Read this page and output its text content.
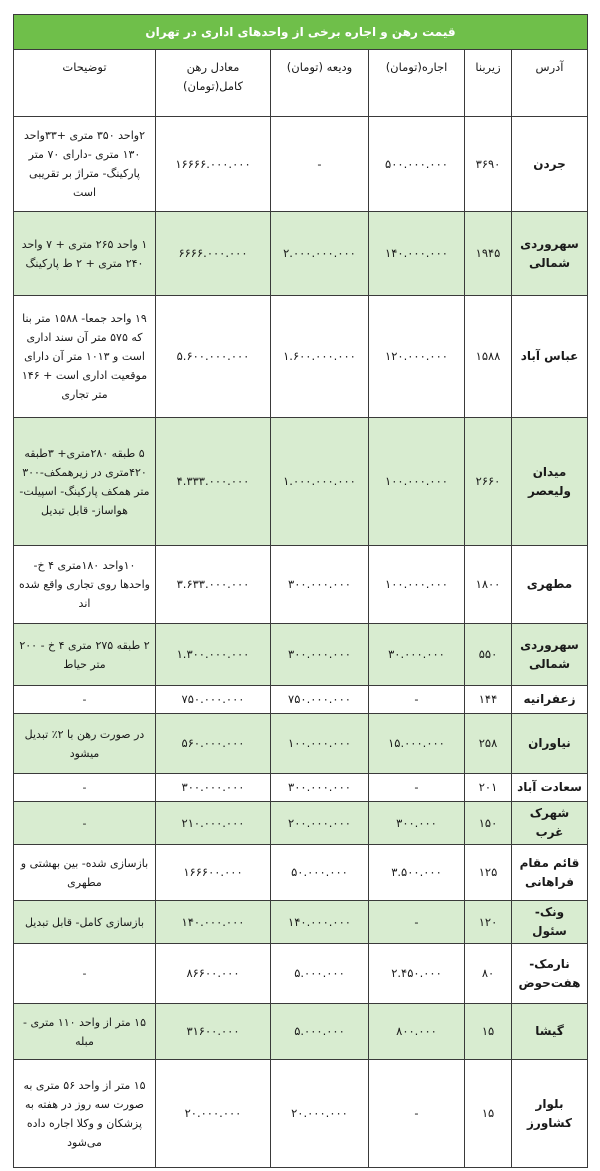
قیمت رهن و اجاره برخی از واحدهای اداری در تهران					
آدرس	زیربنا	اجاره(تومان)	ودیعه (تومان)	معادل رهن کامل(تومان)	توضیحات
جردن	۳۶۹۰	۵۰۰.۰۰۰.۰۰۰	-	۱۶۶۶۶.۰۰۰.۰۰۰	۲واحد ۳۵۰ متری +۳۳واحد ۱۳۰ متری -دارای ۷۰ متر پارکینگ- متراژ بر تقریبی است
سهروردی شمالی	۱۹۴۵	۱۴۰.۰۰۰.۰۰۰	۲.۰۰۰.۰۰۰.۰۰۰	۶۶۶۶.۰۰۰.۰۰۰	۱ واحد ۲۶۵ متری + ۷ واحد ۲۴۰ متری + ۲ ط پارکینگ
عباس آباد	۱۵۸۸	۱۲۰.۰۰۰.۰۰۰	۱.۶۰۰.۰۰۰.۰۰۰	۵.۶۰۰.۰۰۰.۰۰۰	۱۹ واحد جمعا- ۱۵۸۸ متر بنا که ۵۷۵ متر آن سند اداری است و ۱۰۱۳ متر آن دارای موقعیت اداری است + ۱۴۶ متر تجاری
میدان ولیعصر	۲۶۶۰	۱۰۰.۰۰۰.۰۰۰	۱.۰۰۰.۰۰۰.۰۰۰	۴.۳۳۳.۰۰۰.۰۰۰	۵ طبقه ۲۸۰متری+ ۳طبقه ۴۲۰متری در زیرهمکف-۳۰۰ متر همکف پارکینگ- اسپیلت- هواساز- قابل تبدیل
مطهری	۱۸۰۰	۱۰۰.۰۰۰.۰۰۰	۳۰۰.۰۰۰.۰۰۰	۳.۶۳۳.۰۰۰.۰۰۰	۱۰واحد ۱۸۰متری ۴ خ- واحدها روی تجاری واقع شده اند
سهروردی شمالی	۵۵۰	۳۰.۰۰۰.۰۰۰	۳۰۰.۰۰۰.۰۰۰	۱.۳۰۰.۰۰۰.۰۰۰	۲ طبقه ۲۷۵ متری ۴ خ - ۲۰۰ متر حیاط
زعفرانیه	۱۴۴	-	۷۵۰.۰۰۰.۰۰۰	۷۵۰.۰۰۰.۰۰۰	-
نیاوران	۲۵۸	۱۵.۰۰۰.۰۰۰	۱۰۰.۰۰۰.۰۰۰	۵۶۰.۰۰۰.۰۰۰	در صورت رهن با ۲٪ تبدیل میشود
سعادت آباد	۲۰۱	-	۳۰۰.۰۰۰.۰۰۰	۳۰۰.۰۰۰.۰۰۰	-
شهرک غرب	۱۵۰	۳۰۰.۰۰۰	۲۰۰.۰۰۰.۰۰۰	۲۱۰.۰۰۰.۰۰۰	-
قائم مقام فراهانی	۱۲۵	۳.۵۰۰.۰۰۰	۵۰.۰۰۰.۰۰۰	۱۶۶۶۰۰.۰۰۰	بازسازی شده- بین بهشتی و مطهری
ونک- سئول	۱۲۰	-	۱۴۰.۰۰۰.۰۰۰	۱۴۰.۰۰۰.۰۰۰	بازسازی کامل- قابل تبدیل
نارمک- هفت‌حوض	۸۰	۲.۴۵۰.۰۰۰	۵.۰۰۰.۰۰۰	۸۶۶۰۰.۰۰۰	-
گیشا	۱۵	۸۰۰.۰۰۰	۵.۰۰۰.۰۰۰	۳۱۶۰۰.۰۰۰	۱۵ متر از واحد ۱۱۰ متری - مبله
بلوار کشاورز	۱۵	-	۲۰.۰۰۰.۰۰۰	۲۰.۰۰۰.۰۰۰	۱۵ متر از واحد ۵۶ متری به صورت سه روز در هفته به پزشکان و وکلا اجاره داده می‌شود
